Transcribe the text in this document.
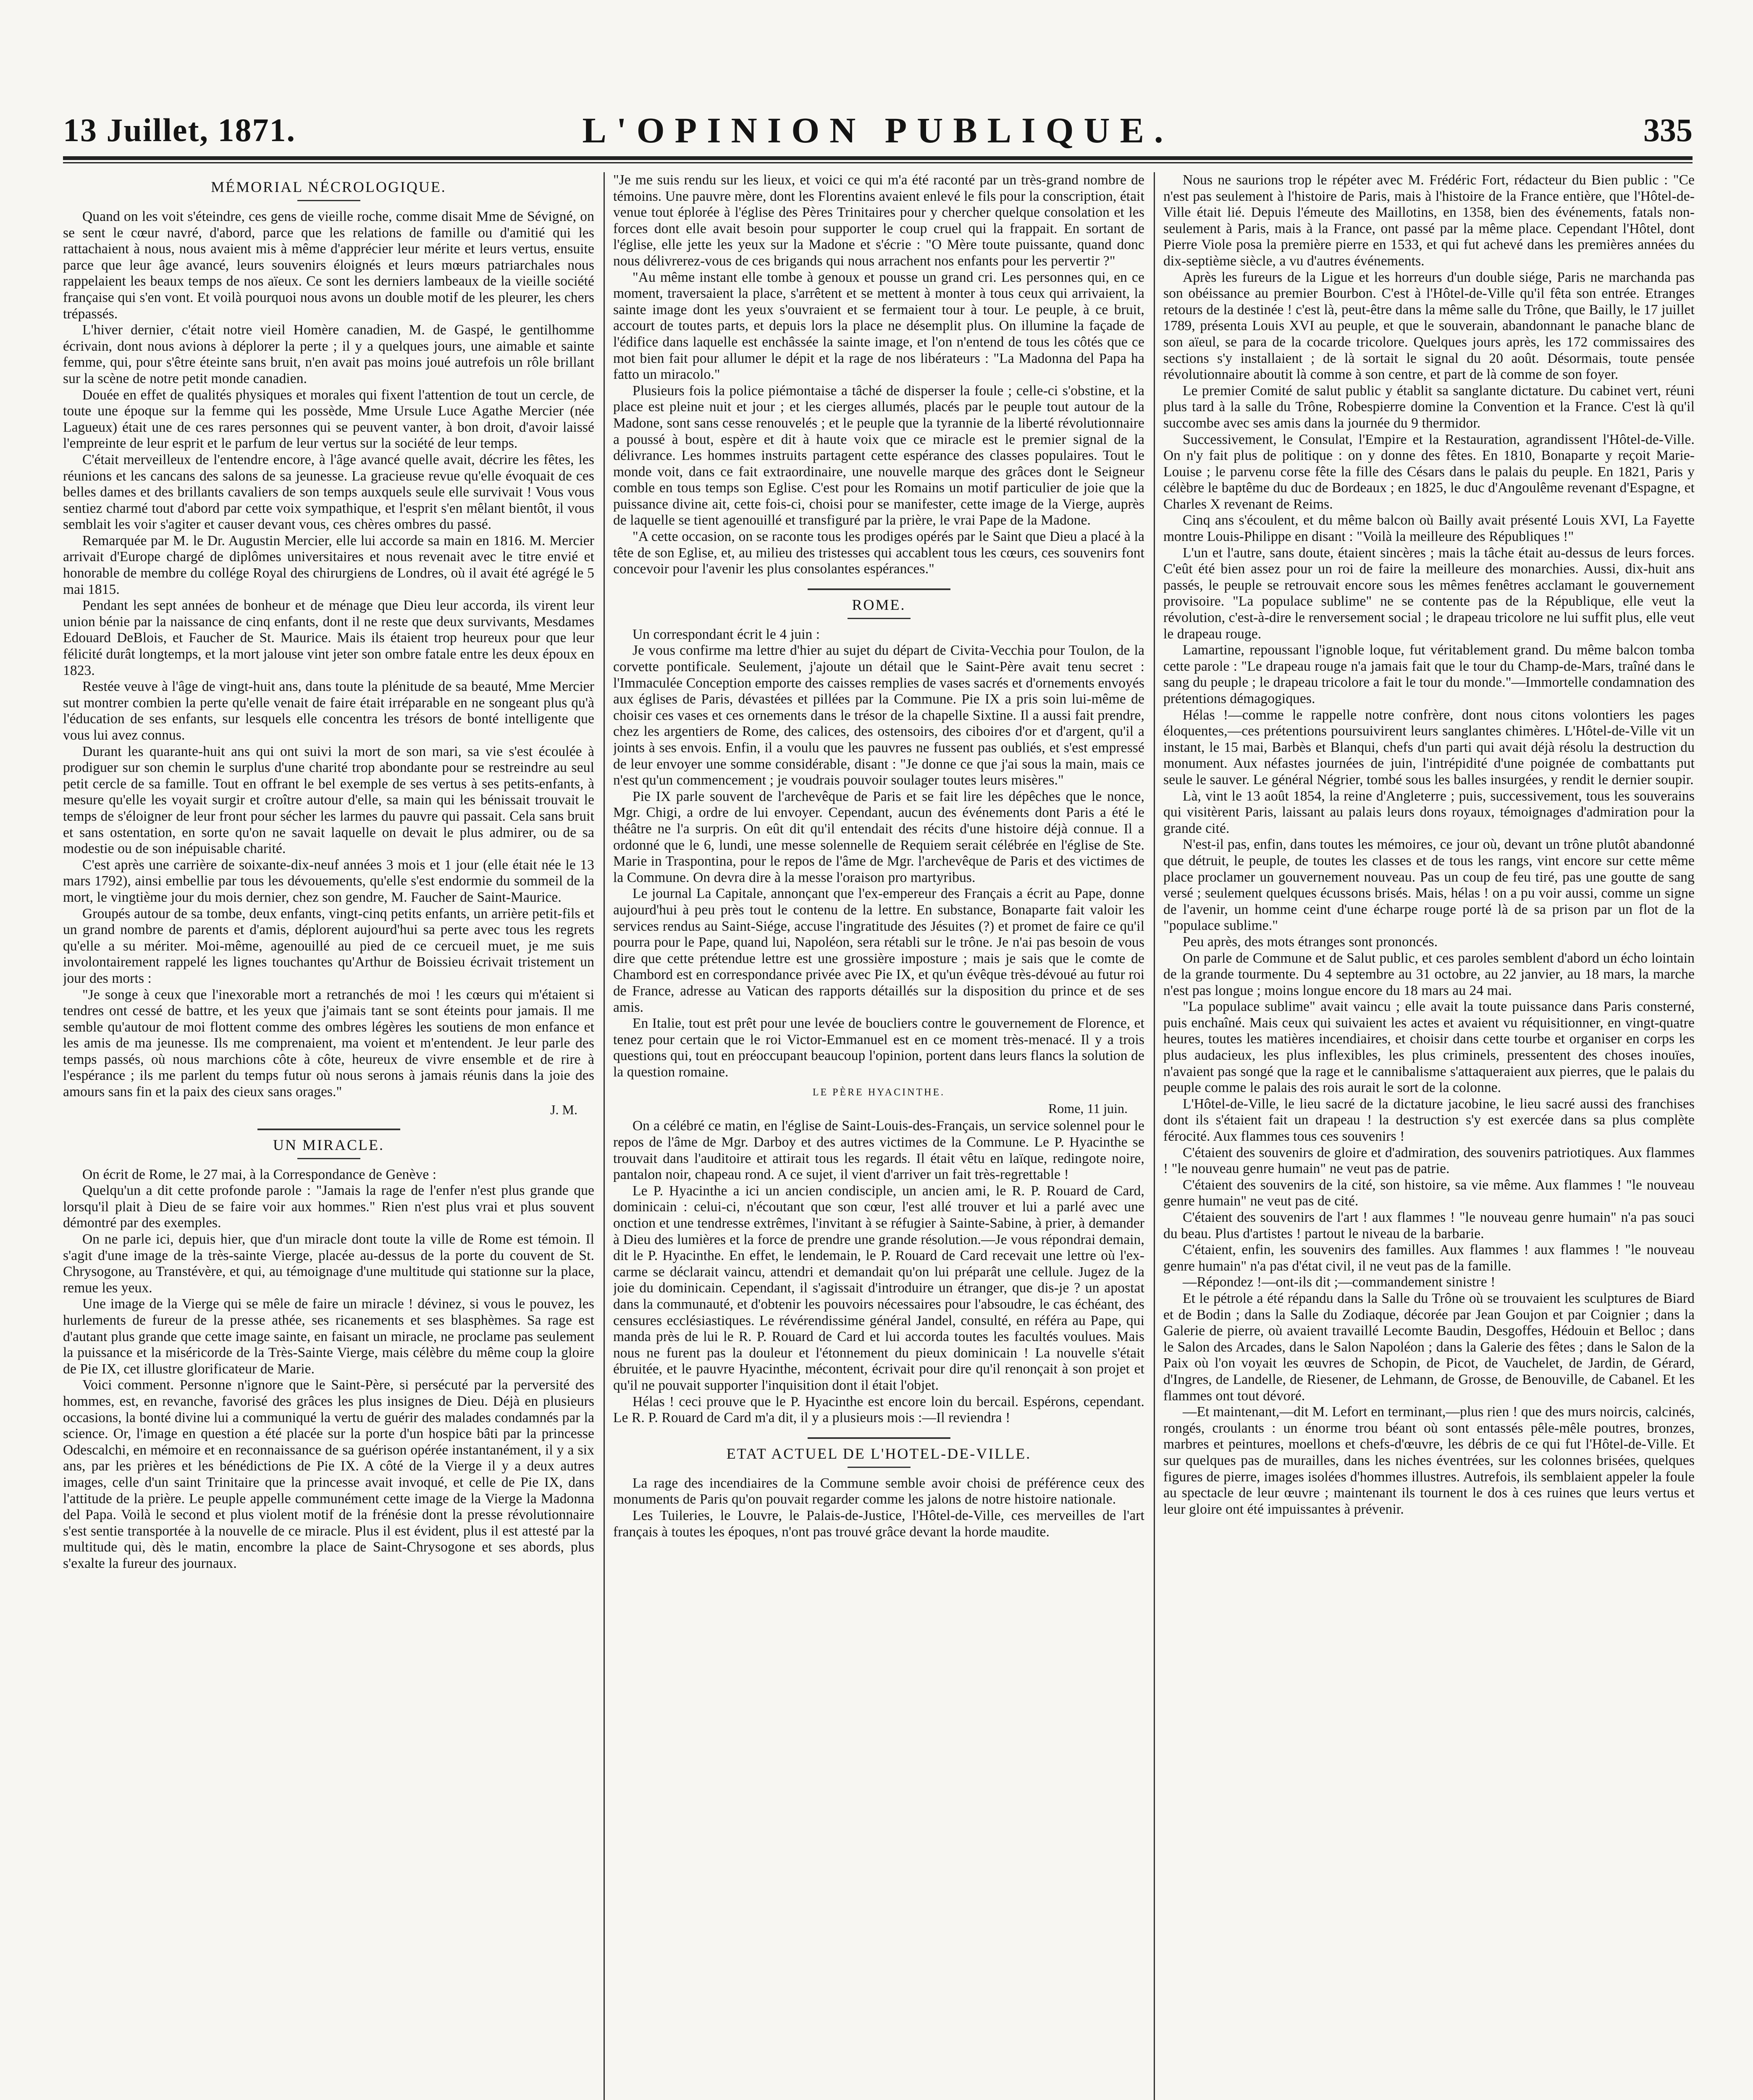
13 Juillet, 1871.	L'OPINION PUBLIQUE.	335
MÉMORIAL NÉCROLOGIQUE.

Quand on les voit s'éteindre, ces gens de vieille roche, comme disait Mme de Sévigné, on se sent le cœur navré, d'abord, parce que les relations de famille ou d'amitié qui les rattachaient à nous, nous avaient mis à même d'apprécier leur mérite et leurs vertus, ensuite parce que leur âge avancé, leurs souvenirs éloignés et leurs mœurs patriarchales nous rappelaient les beaux temps de nos aïeux. Ce sont les derniers lambeaux de la vieille société française qui s'en vont. Et voilà pourquoi nous avons un double motif de les pleurer, les chers trépassés.

L'hiver dernier, c'était notre vieil Homère canadien, M. de Gaspé, le gentilhomme écrivain, dont nous avions à déplorer la perte ; il y a quelques jours, une aimable et sainte femme, qui, pour s'être éteinte sans bruit, n'en avait pas moins joué autrefois un rôle brillant sur la scène de notre petit monde canadien.

Douée en effet de qualités physiques et morales qui fixent l'attention de tout un cercle, de toute une époque sur la femme qui les possède, Mme Ursule Luce Agathe Mercier (née Lagueux) était une de ces rares personnes qui se peuvent vanter, à bon droit, d'avoir laissé l'empreinte de leur esprit et le parfum de leur vertus sur la société de leur temps.

C'était merveilleux de l'entendre encore, à l'âge avancé quelle avait, décrire les fêtes, les réunions et les cancans des salons de sa jeunesse. La gracieuse revue qu'elle évoquait de ces belles dames et des brillants cavaliers de son temps auxquels seule elle survivait ! Vous vous sentiez charmé tout d'abord par cette voix sympathique, et l'esprit s'en mêlant bientôt, il vous semblait les voir s'agiter et causer devant vous, ces chères ombres du passé.

Remarquée par M. le Dr. Augustin Mercier, elle lui accorde sa main en 1816. M. Mercier arrivait d'Europe chargé de diplômes universitaires et nous revenait avec le titre envié et honorable de membre du collége Royal des chirurgiens de Londres, où il avait été agrégé le 5 mai 1815.

Pendant les sept années de bonheur et de ménage que Dieu leur accorda, ils virent leur union bénie par la naissance de cinq enfants, dont il ne reste que deux survivants, Mesdames Edouard DeBlois, et Faucher de St. Maurice. Mais ils étaient trop heureux pour que leur félicité durât longtemps, et la mort jalouse vint jeter son ombre fatale entre les deux époux en 1823.

Restée veuve à l'âge de vingt-huit ans, dans toute la plénitude de sa beauté, Mme Mercier sut montrer combien la perte qu'elle venait de faire était irréparable en ne songeant plus qu'à l'éducation de ses enfants, sur lesquels elle concentra les trésors de bonté intelligente que vous lui avez connus.

Durant les quarante-huit ans qui ont suivi la mort de son mari, sa vie s'est écoulée à prodiguer sur son chemin le surplus d'une charité trop abondante pour se restreindre au seul petit cercle de sa famille. Tout en offrant le bel exemple de ses vertus à ses petits-enfants, à mesure qu'elle les voyait surgir et croître autour d'elle, sa main qui les bénissait trouvait le temps de s'éloigner de leur front pour sécher les larmes du pauvre qui passait. Cela sans bruit et sans ostentation, en sorte qu'on ne savait laquelle on devait le plus admirer, ou de sa modestie ou de son inépuisable charité.

C'est après une carrière de soixante-dix-neuf années 3 mois et 1 jour (elle était née le 13 mars 1792), ainsi embellie par tous les dévouements, qu'elle s'est endormie du sommeil de la mort, le vingtième jour du mois dernier, chez son gendre, M. Faucher de Saint-Maurice.

Groupés autour de sa tombe, deux enfants, vingt-cinq petits enfants, un arrière petit-fils et un grand nombre de parents et d'amis, déplorent aujourd'hui sa perte avec tous les regrets qu'elle a su mériter. Moi-même, agenouillé au pied de ce cercueil muet, je me suis involontairement rappelé les lignes touchantes qu'Arthur de Boissieu écrivait tristement un jour des morts :

"Je songe à ceux que l'inexorable mort a retranchés de moi ! les cœurs qui m'étaient si tendres ont cessé de battre, et les yeux que j'aimais tant se sont éteints pour jamais. Il me semble qu'autour de moi flottent comme des ombres légères les soutiens de mon enfance et les amis de ma jeunesse. Ils me comprenaient, ma voient et m'entendent. Je leur parle des temps passés, où nous marchions côte à côte, heureux de vivre ensemble et de rire à l'espérance ; ils me parlent du temps futur où nous serons à jamais réunis dans la joie des amours sans fin et la paix des cieux sans orages."

J. M.
UN MIRACLE.

On écrit de Rome, le 27 mai, à la Correspondance de Genève :

Quelqu'un a dit cette profonde parole : "Jamais la rage de l'enfer n'est plus grande que lorsqu'il plait à Dieu de se faire voir aux hommes." Rien n'est plus vrai et plus souvent démontré par des exemples.

On ne parle ici, depuis hier, que d'un miracle dont toute la ville de Rome est témoin. Il s'agit d'une image de la très-sainte Vierge, placée au-dessus de la porte du couvent de St. Chrysogone, au Transtévère, et qui, au témoignage d'une multitude qui stationne sur la place, remue les yeux.

Une image de la Vierge qui se mêle de faire un miracle ! dévinez, si vous le pouvez, les hurlements de fureur de la presse athée, ses ricanements et ses blasphèmes. Sa rage est d'autant plus grande que cette image sainte, en faisant un miracle, ne proclame pas seulement la puissance et la miséricorde de la Très-Sainte Vierge, mais célèbre du même coup la gloire de Pie IX, cet illustre glorificateur de Marie.

Voici comment. Personne n'ignore que le Saint-Père, si persécuté par la perversité des hommes, est, en revanche, favorisé des grâces les plus insignes de Dieu. Déjà en plusieurs occasions, la bonté divine lui a communiqué la vertu de guérir des malades condamnés par la science. Or, l'image en question a été placée sur la porte d'un hospice bâti par la princesse Odescalchi, en mémoire et en reconnaissance de sa guérison opérée instantanément, il y a six ans, par les prières et les bénédictions de Pie IX. A côté de la Vierge il y a deux autres images, celle d'un saint Trinitaire que la princesse avait invoqué, et celle de Pie IX, dans l'attitude de la prière. Le peuple appelle communément cette image de la Vierge la Madonna del Papa. Voilà le second et plus violent motif de la frénésie dont la presse révolutionnaire s'est sentie transportée à la nouvelle de ce miracle. Plus il est évident, plus il est attesté par la multitude qui, dès le matin, encombre la place de Saint-Chrysogone et ses abords, plus s'exalte la fureur des journaux.

"Je me suis rendu sur les lieux, et voici ce qui m'a été raconté par un très-grand nombre de témoins. Une pauvre mère, dont les Florentins avaient enlevé le fils pour la conscription, était venue tout éplorée à l'église des Pères Trinitaires pour y chercher quelque consolation et les forces dont elle avait besoin pour supporter le coup cruel qui la frappait. En sortant de l'église, elle jette les yeux sur la Madone et s'écrie : "O Mère toute puissante, quand donc nous délivrerez-vous de ces brigands qui nous arrachent nos enfants pour les pervertir ?"

"Au même instant elle tombe à genoux et pousse un grand cri. Les personnes qui, en ce moment, traversaient la place, s'arrêtent et se mettent à monter à tous ceux qui arrivaient, la sainte image dont les yeux s'ouvraient et se fermaient tour à tour. Le peuple, à ce bruit, accourt de toutes parts, et depuis lors la place ne désemplit plus. On illumine la façade de l'édifice dans laquelle est enchâssée la sainte image, et l'on n'entend de tous les côtés que ce mot bien fait pour allumer le dépit et la rage de nos libérateurs : "La Madonna del Papa ha fatto un miracolo."

Plusieurs fois la police piémontaise a tâché de disperser la foule ; celle-ci s'obstine, et la place est pleine nuit et jour ; et les cierges allumés, placés par le peuple tout autour de la Madone, sont sans cesse renouvelés ; et le peuple que la tyrannie de la liberté révolutionnaire a poussé à bout, espère et dit à haute voix que ce miracle est le premier signal de la délivrance. Les hommes instruits partagent cette espérance des classes populaires. Tout le monde voit, dans ce fait extraordinaire, une nouvelle marque des grâces dont le Seigneur comble en tous temps son Eglise. C'est pour les Romains un motif particulier de joie que la puissance divine ait, cette fois-ci, choisi pour se manifester, cette image de la Vierge, auprès de laquelle se tient agenouillé et transfiguré par la prière, le vrai Pape de la Madone.

"A cette occasion, on se raconte tous les prodiges opérés par le Saint que Dieu a placé à la tête de son Eglise, et, au milieu des tristesses qui accablent tous les cœurs, ces souvenirs font concevoir pour l'avenir les plus consolantes espérances."

ROME.

Un correspondant écrit le 4 juin :

Je vous confirme ma lettre d'hier au sujet du départ de Civita-Vecchia pour Toulon, de la corvette pontificale. Seulement, j'ajoute un détail que le Saint-Père avait tenu secret : l'Immaculée Conception emporte des caisses remplies de vases sacrés et d'ornements envoyés aux églises de Paris, dévastées et pillées par la Commune. Pie IX a pris soin lui-même de choisir ces vases et ces ornements dans le trésor de la chapelle Sixtine. Il a aussi fait prendre, chez les argentiers de Rome, des calices, des ostensoirs, des ciboires d'or et d'argent, qu'il a joints à ses envois. Enfin, il a voulu que les pauvres ne fussent pas oubliés, et s'est empressé de leur envoyer une somme considérable, disant : "Je donne ce que j'ai sous la main, mais ce n'est qu'un commencement ; je voudrais pouvoir soulager toutes leurs misères."

Pie IX parle souvent de l'archevêque de Paris et se fait lire les dépêches que le nonce, Mgr. Chigi, a ordre de lui envoyer. Cependant, aucun des événements dont Paris a été le théâtre ne l'a surpris. On eût dit qu'il entendait des récits d'une histoire déjà connue. Il a ordonné que le 6, lundi, une messe solennelle de Requiem serait célébrée en l'église de Ste. Marie in Traspontina, pour le repos de l'âme de Mgr. l'archevêque de Paris et des victimes de la Commune. On devra dire à la messe l'oraison pro martyribus.

Le journal La Capitale, annonçant que l'ex-empereur des Français a écrit au Pape, donne aujourd'hui à peu près tout le contenu de la lettre. En substance, Bonaparte fait valoir les services rendus au Saint-Siége, accuse l'ingratitude des Jésuites (?) et promet de faire ce qu'il pourra pour le Pape, quand lui, Napoléon, sera rétabli sur le trône. Je n'ai pas besoin de vous dire que cette prétendue lettre est une grossière imposture ; mais je sais que le comte de Chambord est en correspondance privée avec Pie IX, et qu'un évêque très-dévoué au futur roi de France, adresse au Vatican des rapports détaillés sur la disposition du prince et de ses amis.

En Italie, tout est prêt pour une levée de boucliers contre le gouvernement de Florence, et tenez pour certain que le roi Victor-Emmanuel est en ce moment très-menacé. Il y a trois questions qui, tout en préoccupant beaucoup l'opinion, portent dans leurs flancs la solution de la question romaine.

LE PÈRE HYACINTHE.
Rome, 11 juin.

On a célébré ce matin, en l'église de Saint-Louis-des-Français, un service solennel pour le repos de l'âme de Mgr. Darboy et des autres victimes de la Commune. Le P. Hyacinthe se trouvait dans l'auditoire et attirait tous les regards. Il était vêtu en laïque, redingote noire, pantalon noir, chapeau rond. A ce sujet, il vient d'arriver un fait très-regrettable !

Le P. Hyacinthe a ici un ancien condisciple, un ancien ami, le R. P. Rouard de Card, dominicain : celui-ci, n'écoutant que son cœur, l'est allé trouver et lui a parlé avec une onction et une tendresse extrêmes, l'invitant à se réfugier à Sainte-Sabine, à prier, à demander à Dieu des lumières et la force de prendre une grande résolution.—Je vous répondrai demain, dit le P. Hyacinthe. En effet, le lendemain, le P. Rouard de Card recevait une lettre où l'ex-carme se déclarait vaincu, attendri et demandait qu'on lui préparât une cellule. Jugez de la joie du dominicain. Cependant, il s'agissait d'introduire un étranger, que dis-je ? un apostat dans la communauté, et d'obtenir les pouvoirs nécessaires pour l'absoudre, le cas échéant, des censures ecclésiastiques. Le révérendissime général Jandel, consulté, en référa au Pape, qui manda près de lui le R. P. Rouard de Card et lui accorda toutes les facultés voulues. Mais nous ne furent pas la douleur et l'étonnement du pieux dominicain ! La nouvelle s'était ébruitée, et le pauvre Hyacinthe, mécontent, écrivait pour dire qu'il renonçait à son projet et qu'il ne pouvait supporter l'inquisition dont il était l'objet.

Hélas ! ceci prouve que le P. Hyacinthe est encore loin du bercail. Espérons, cependant. Le R. P. Rouard de Card m'a dit, il y a plusieurs mois :—Il reviendra !

ETAT ACTUEL DE L'HOTEL-DE-VILLE.

La rage des incendiaires de la Commune semble avoir choisi de préférence ceux des monuments de Paris qu'on pouvait regarder comme les jalons de notre histoire nationale.

Les Tuileries, le Louvre, le Palais-de-Justice, l'Hôtel-de-Ville, ces merveilles de l'art français à toutes les époques, n'ont pas trouvé grâce devant la horde maudite.

Nous ne saurions trop le répéter avec M. Frédéric Fort, rédacteur du Bien public : "Ce n'est pas seulement à l'histoire de Paris, mais à l'histoire de la France entière, que l'Hôtel-de-Ville était lié. Depuis l'émeute des Maillotins, en 1358, bien des événements, fatals non-seulement à Paris, mais à la France, ont passé par la même place. Cependant l'Hôtel, dont Pierre Viole posa la première pierre en 1533, et qui fut achevé dans les premières années du dix-septième siècle, a vu d'autres événements.

Après les fureurs de la Ligue et les horreurs d'un double siége, Paris ne marchanda pas son obéissance au premier Bourbon. C'est à l'Hôtel-de-Ville qu'il fêta son entrée. Etranges retours de la destinée ! c'est là, peut-être dans la même salle du Trône, que Bailly, le 17 juillet 1789, présenta Louis XVI au peuple, et que le souverain, abandonnant le panache blanc de son aïeul, se para de la cocarde tricolore. Quelques jours après, les 172 commissaires des sections s'y installaient ; de là sortait le signal du 20 août. Désormais, toute pensée révolutionnaire aboutit là comme à son centre, et part de là comme de son foyer.

Le premier Comité de salut public y établit sa sanglante dictature. Du cabinet vert, réuni plus tard à la salle du Trône, Robespierre domine la Convention et la France. C'est là qu'il succombe avec ses amis dans la journée du 9 thermidor.

Successivement, le Consulat, l'Empire et la Restauration, agrandissent l'Hôtel-de-Ville. On n'y fait plus de politique : on y donne des fêtes. En 1810, Bonaparte y reçoit Marie-Louise ; le parvenu corse fête la fille des Césars dans le palais du peuple. En 1821, Paris y célèbre le baptême du duc de Bordeaux ; en 1825, le duc d'Angoulême revenant d'Espagne, et Charles X revenant de Reims.

Cinq ans s'écoulent, et du même balcon où Bailly avait présenté Louis XVI, La Fayette montre Louis-Philippe en disant : "Voilà la meilleure des Républiques !"

L'un et l'autre, sans doute, étaient sincères ; mais la tâche était au-dessus de leurs forces. C'eût été bien assez pour un roi de faire la meilleure des monarchies. Aussi, dix-huit ans passés, le peuple se retrouvait encore sous les mêmes fenêtres acclamant le gouvernement provisoire. "La populace sublime" ne se contente pas de la République, elle veut la révolution, c'est-à-dire le renversement social ; le drapeau tricolore ne lui suffit plus, elle veut le drapeau rouge.

Lamartine, repoussant l'ignoble loque, fut véritablement grand. Du même balcon tomba cette parole : "Le drapeau rouge n'a jamais fait que le tour du Champ-de-Mars, traîné dans le sang du peuple ; le drapeau tricolore a fait le tour du monde."—Immortelle condamnation des prétentions démagogiques.

Hélas !—comme le rappelle notre confrère, dont nous citons volontiers les pages éloquentes,—ces prétentions poursuivirent leurs sanglantes chimères. L'Hôtel-de-Ville vit un instant, le 15 mai, Barbès et Blanqui, chefs d'un parti qui avait déjà résolu la destruction du monument. Aux néfastes journées de juin, l'intrépidité d'une poignée de combattants put seule le sauver. Le général Négrier, tombé sous les balles insurgées, y rendit le dernier soupir.

Là, vint le 13 août 1854, la reine d'Angleterre ; puis, successivement, tous les souverains qui visitèrent Paris, laissant au palais leurs dons royaux, témoignages d'admiration pour la grande cité.

N'est-il pas, enfin, dans toutes les mémoires, ce jour où, devant un trône plutôt abandonné que détruit, le peuple, de toutes les classes et de tous les rangs, vint encore sur cette même place proclamer un gouvernement nouveau. Pas un coup de feu tiré, pas une goutte de sang versé ; seulement quelques écussons brisés. Mais, hélas ! on a pu voir aussi, comme un signe de l'avenir, un homme ceint d'une écharpe rouge porté là de sa prison par un flot de la "populace sublime."

Peu après, des mots étranges sont prononcés.

On parle de Commune et de Salut public, et ces paroles semblent d'abord un écho lointain de la grande tourmente. Du 4 septembre au 31 octobre, au 22 janvier, au 18 mars, la marche n'est pas longue ; moins longue encore du 18 mars au 24 mai.

"La populace sublime" avait vaincu ; elle avait la toute puissance dans Paris consterné, puis enchaîné. Mais ceux qui suivaient les actes et avaient vu réquisitionner, en vingt-quatre heures, toutes les matières incendiaires, et choisir dans cette tourbe et organiser en corps les plus audacieux, les plus inflexibles, les plus criminels, pressentent des choses inouïes, n'avaient pas songé que la rage et le cannibalisme s'attaqueraient aux pierres, que le palais du peuple comme le palais des rois aurait le sort de la colonne.

L'Hôtel-de-Ville, le lieu sacré de la dictature jacobine, le lieu sacré aussi des franchises dont ils s'étaient fait un drapeau ! la destruction s'y est exercée dans sa plus complète férocité. Aux flammes tous ces souvenirs !

C'étaient des souvenirs de gloire et d'admiration, des souvenirs patriotiques. Aux flammes ! "le nouveau genre humain" ne veut pas de patrie.

C'étaient des souvenirs de la cité, son histoire, sa vie même. Aux flammes ! "le nouveau genre humain" ne veut pas de cité.

C'étaient des souvenirs de l'art ! aux flammes ! "le nouveau genre humain" n'a pas souci du beau. Plus d'artistes ! partout le niveau de la barbarie.

C'étaient, enfin, les souvenirs des familles. Aux flammes ! aux flammes ! "le nouveau genre humain" n'a pas d'état civil, il ne veut pas de la famille.

—Répondez !—ont-ils dit ;—commandement sinistre !

Et le pétrole a été répandu dans la Salle du Trône où se trouvaient les sculptures de Biard et de Bodin ; dans la Salle du Zodiaque, décorée par Jean Goujon et par Coignier ; dans la Galerie de pierre, où avaient travaillé Lecomte Baudin, Desgoffes, Hédouin et Belloc ; dans le Salon des Arcades, dans le Salon Napoléon ; dans la Galerie des fêtes ; dans le Salon de la Paix où l'on voyait les œuvres de Schopin, de Picot, de Vauchelet, de Jardin, de Gérard, d'Ingres, de Landelle, de Riesener, de Lehmann, de Grosse, de Benouville, de Cabanel. Et les flammes ont tout dévoré.

—Et maintenant,—dit M. Lefort en terminant,—plus rien ! que des murs noircis, calcinés, rongés, croulants : un énorme trou béant où sont entassés pêle-mêle poutres, bronzes, marbres et peintures, moellons et chefs-d'œuvre, les débris de ce qui fut l'Hôtel-de-Ville. Et sur quelques pas de murailles, dans les niches éventrées, sur les colonnes brisées, quelques figures de pierre, images isolées d'hommes illustres. Autrefois, ils semblaient appeler la foule au spectacle de leur œuvre ; maintenant ils tournent le dos à ces ruines que leurs vertus et leur gloire ont été impuissantes à prévenir.
